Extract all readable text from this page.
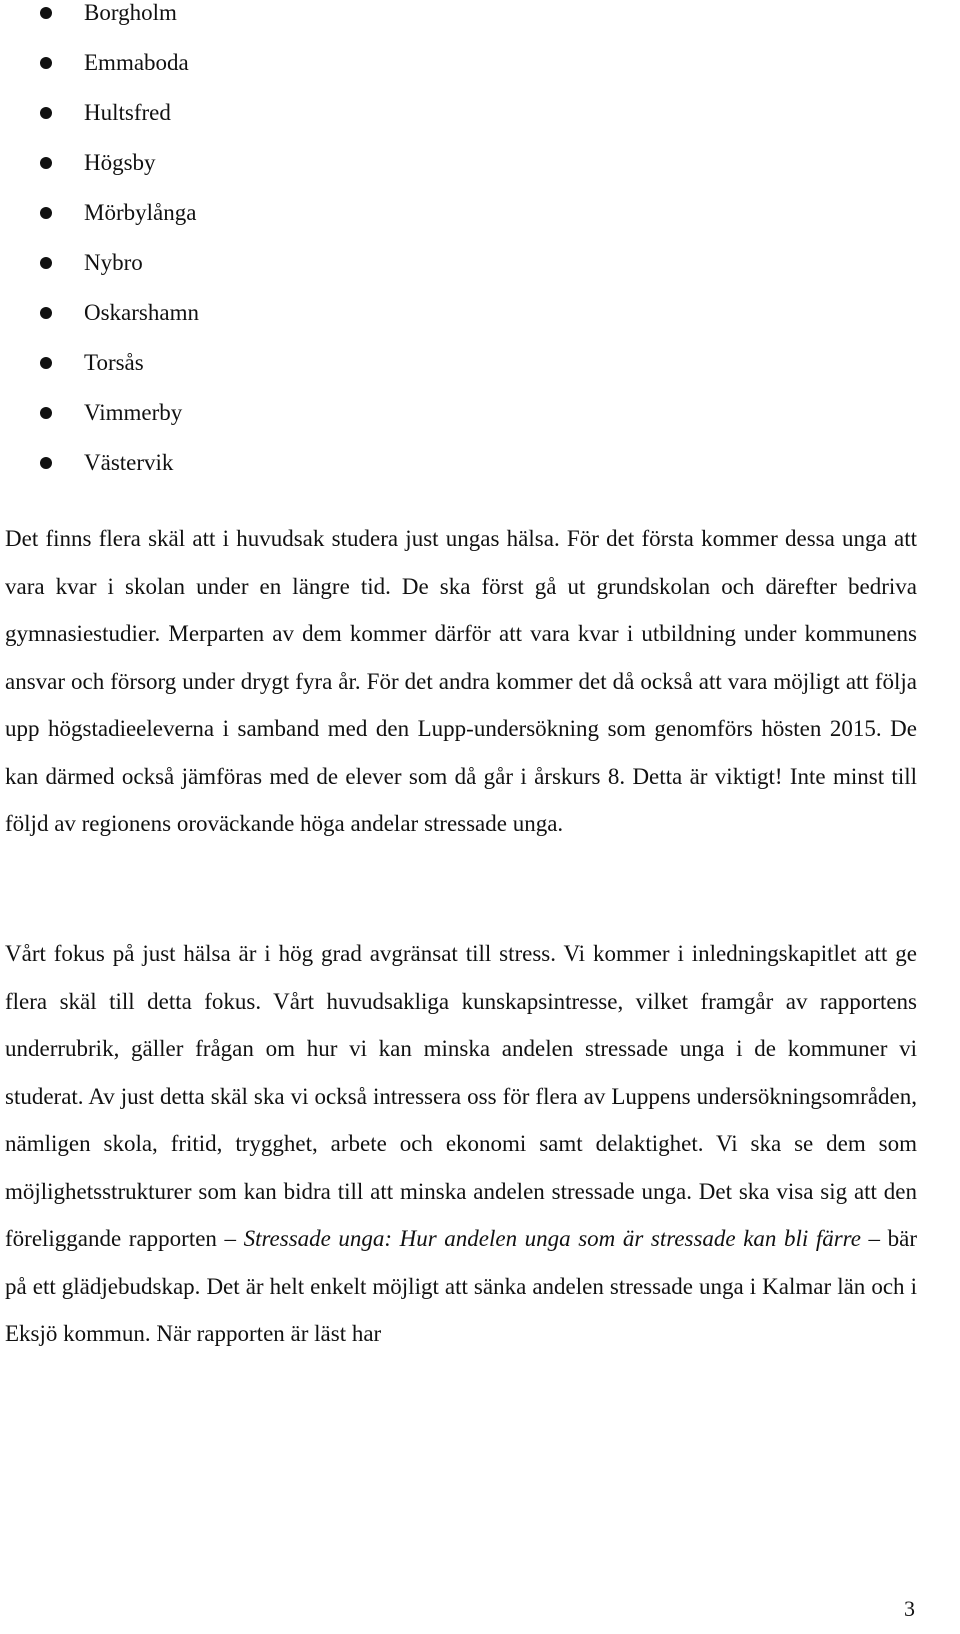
Borgholm
Emmaboda
Hultsfred
Högsby
Mörbylånga
Nybro
Oskarshamn
Torsås
Vimmerby
Västervik

Det finns flera skäl att i huvudsak studera just ungas hälsa. För det första kommer dessa unga att vara kvar i skolan under en längre tid. De ska först gå ut grundskolan och därefter bedriva gymnasiestudier. Merparten av dem kommer därför att vara kvar i utbildning under kommunens ansvar och försorg under drygt fyra år. För det andra kommer det då också att vara möjligt att följa upp högstadieeleverna i samband med den Lupp-undersökning som genomförs hösten 2015. De kan därmed också jämföras med de elever som då går i årskurs 8. Detta är viktigt! Inte minst till följd av regionens oroväckande höga andelar stressade unga.

Vårt fokus på just hälsa är i hög grad avgränsat till stress. Vi kommer i inledningskapitlet att ge flera skäl till detta fokus. Vårt huvudsakliga kunskapsintresse, vilket framgår av rapportens underrubrik, gäller frågan om hur vi kan minska andelen stressade unga i de kommuner vi studerat. Av just detta skäl ska vi också intressera oss för flera av Luppens undersökningsområden, nämligen skola, fritid, trygghet, arbete och ekonomi samt delaktighet. Vi ska se dem som möjlighetsstrukturer som kan bidra till att minska andelen stressade unga. Det ska visa sig att den föreliggande rapporten – Stressade unga: Hur andelen unga som är stressade kan bli färre – bär på ett glädjebudskap. Det är helt enkelt möjligt att sänka andelen stressade unga i Kalmar län och i Eksjö kommun. När rapporten är läst har

3
